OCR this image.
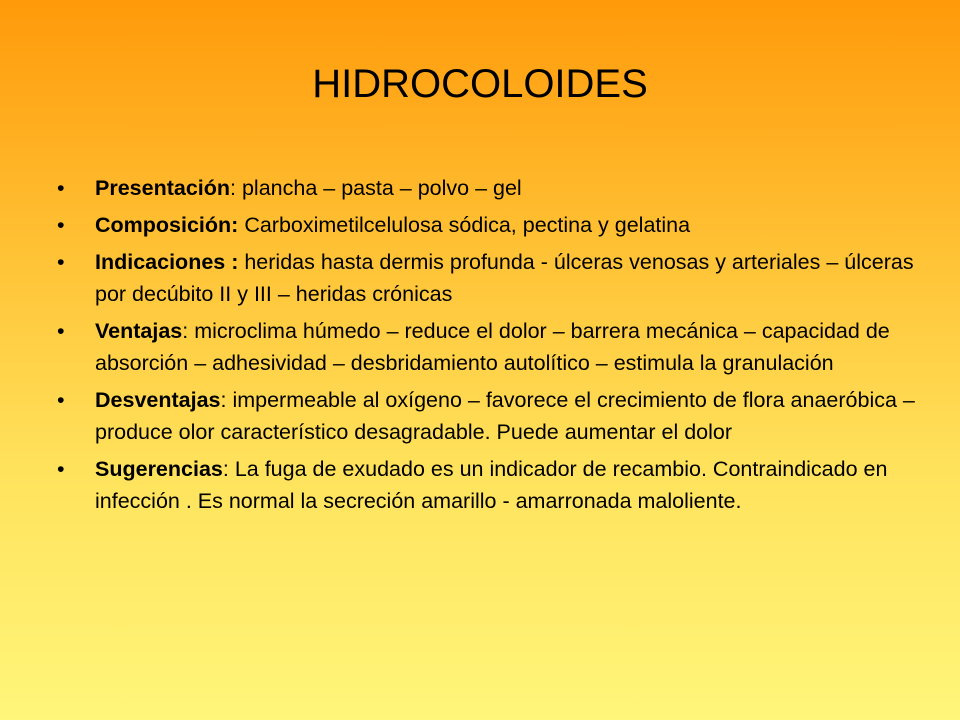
HIDROCOLOIDES
•	Presentación: plancha – pasta – polvo – gel
•	Composición: Carboximetilcelulosa sódica, pectina y gelatina
•	Indicaciones : heridas hasta dermis profunda - úlceras venosas y arteriales – úlceras por decúbito II y III – heridas crónicas
•	Ventajas: microclima húmedo – reduce el dolor – barrera mecánica – capacidad de absorción – adhesividad – desbridamiento autolítico – estimula la granulación
•	Desventajas: impermeable al oxígeno – favorece el crecimiento de flora anaeróbica – produce olor característico desagradable. Puede aumentar el dolor
•	Sugerencias: La fuga de exudado es un indicador de recambio. Contraindicado en infección . Es normal la secreción amarillo - amarronada maloliente.
